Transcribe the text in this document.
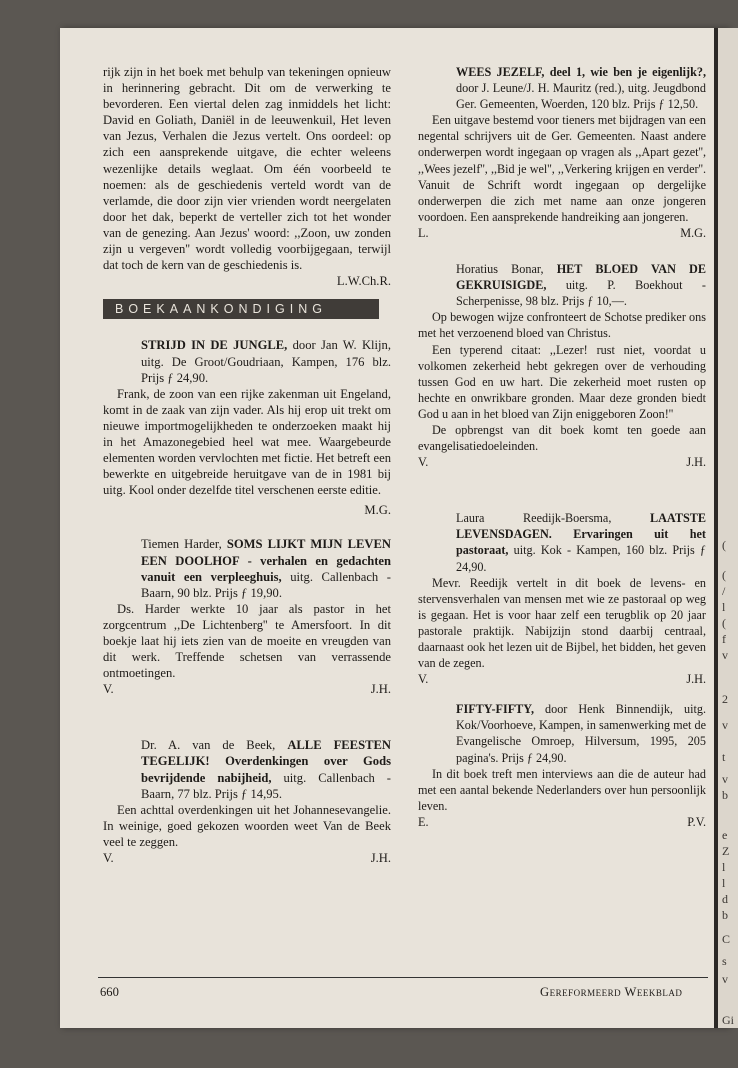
(
(
/
l
(
f
v
2
v
t
v
b
e
Z
l
l
d
b
C
s
v
Gi

rijk zijn in het boek met behulp van tekeningen opnieuw in herinnering gebracht. Dit om de verwerking te bevorderen. Een viertal delen zag inmiddels het licht: David en Goliath, Daniël in de leeuwenkuil, Het leven van Jezus, Verhalen die Jezus vertelt. Ons oordeel: op zich een aansprekende uitgave, die echter weleens wezenlijke details weglaat. Om één voorbeeld te noemen: als de geschiedenis verteld wordt van de verlamde, die door zijn vier vrienden wordt neergelaten door het dak, beperkt de verteller zich tot het wonder van de genezing. Aan Jezus' woord: ,,Zoon, uw zonden zijn u vergeven'' wordt volledig voorbijgegaan, terwijl dat toch de kern van de geschiedenis is.

L.W.Ch.R.
BOEKAANKONDIGING

STRIJD IN DE JUNGLE, door Jan W. Klijn, uitg. De Groot/Goudriaan, Kampen, 176 blz. Prijs ƒ 24,90.

Frank, de zoon van een rijke zakenman uit Engeland, komt in de zaak van zijn vader. Als hij erop uit trekt om nieuwe importmogelijkheden te onderzoeken maakt hij in het Amazonegebied heel wat mee. Waargebeurde elementen worden vervlochten met fictie. Het betreft een bewerkte en uitgebreide heruitgave van de in 1981 bij uitg. Kool onder dezelfde titel verschenen eerste editie.

M.G.

Tiemen Harder, SOMS LIJKT MIJN LEVEN EEN DOOLHOF - verhalen en gedachten vanuit een verpleeghuis, uitg. Callenbach - Baarn, 90 blz. Prijs ƒ 19,90.

Ds. Harder werkte 10 jaar als pastor in het zorgcentrum ,,De Lichtenberg'' te Amersfoort. In dit boekje laat hij iets zien van de moeite en vreugden van dit werk. Treffende schetsen van verrassende ontmoetingen.

V.	J.H.

Dr. A. van de Beek, ALLE FEESTEN TEGELIJK! Overdenkingen over Gods bevrijdende nabijheid, uitg. Callenbach - Baarn, 77 blz. Prijs ƒ 14,95.

Een achttal overdenkingen uit het Johannesevangelie. In weinige, goed gekozen woorden weet Van de Beek veel te zeggen.

V.	J.H.

WEES JEZELF, deel 1, wie ben je eigenlijk?, door J. Leune/J. H. Mauritz (red.), uitg. Jeugdbond Ger. Gemeenten, Woerden, 120 blz. Prijs ƒ 12,50.

Een uitgave bestemd voor tieners met bijdragen van een negental schrijvers uit de Ger. Gemeenten. Naast andere onderwerpen wordt ingegaan op vragen als ,,Apart gezet'', ,,Wees jezelf'', ,,Bid je wel'', ,,Verkering krijgen en verder''. Vanuit de Schrift wordt ingegaan op dergelijke onderwerpen die zich met name aan onze jongeren voordoen. Een aansprekende handreiking aan jongeren.

L.	M.G.

Horatius Bonar, HET BLOED VAN DE GEKRUISIGDE, uitg. P. Boekhout - Scherpenisse, 98 blz. Prijs ƒ 10,—.

Op bewogen wijze confronteert de Schotse prediker ons met het verzoenend bloed van Christus.

Een typerend citaat: ,,Lezer! rust niet, voordat u volkomen zekerheid hebt gekregen over de verhouding tussen God en uw hart. Die zekerheid moet rusten op hechte en onwrikbare gronden. Maar deze gronden biedt God u aan in het bloed van Zijn eniggeboren Zoon!''

De opbrengst van dit boek komt ten goede aan evangelisatiedoeleinden.

V.	J.H.

Laura Reedijk-Boersma, LAATSTE LEVENSDAGEN. Ervaringen uit het pastoraat, uitg. Kok - Kampen, 160 blz. Prijs ƒ 24,90.

Mevr. Reedijk vertelt in dit boek de levens- en stervensverhalen van mensen met wie ze pastoraal op weg is gegaan. Het is voor haar zelf een terugblik op 20 jaar pastorale praktijk. Nabijzijn stond daarbij centraal, daarnaast ook het lezen uit de Bijbel, het bidden, het geven van de zegen.

V.	J.H.

FIFTY-FIFTY, door Henk Binnendijk, uitg. Kok/Voorhoeve, Kampen, in samenwerking met de Evangelische Omroep, Hilversum, 1995, 205 pagina's. Prijs ƒ 24,90.

In dit boek treft men interviews aan die de auteur had met een aantal bekende Nederlanders over hun persoonlijk leven.

E.	P.V.
660	Gereformeerd Weekblad
